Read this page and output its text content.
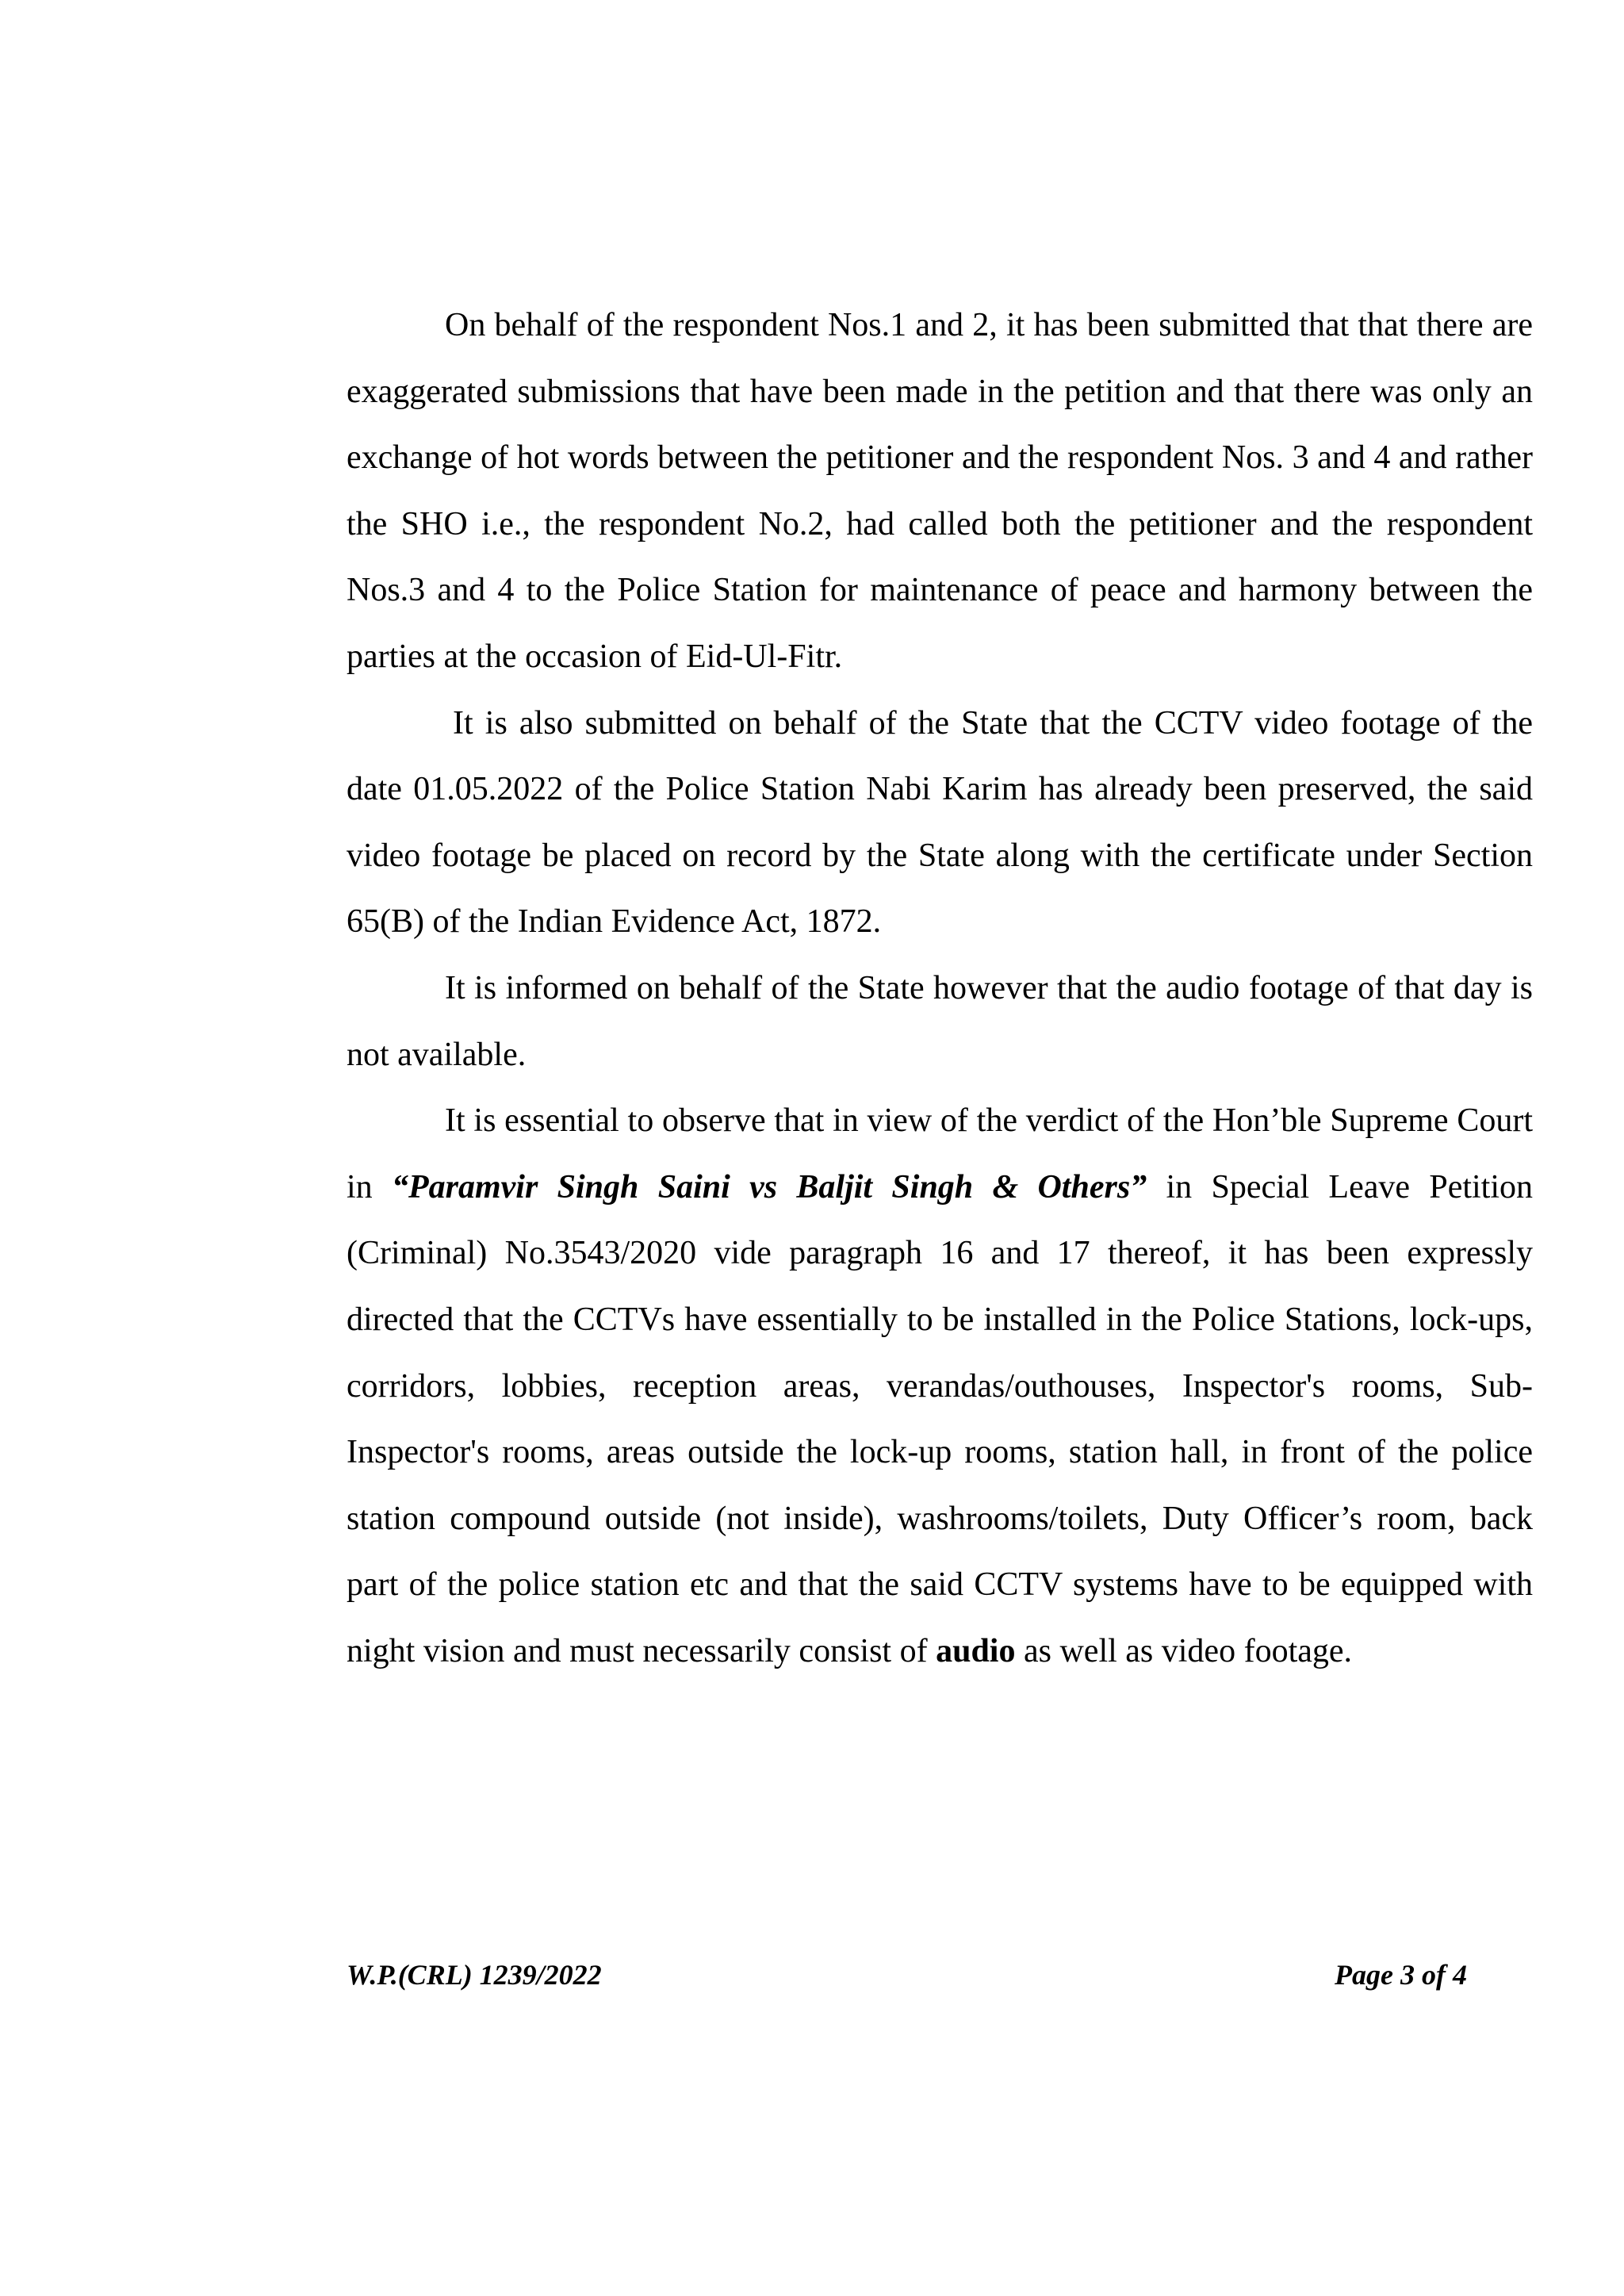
On behalf of the respondent Nos.1 and 2, it has been submitted that that there are exaggerated submissions that have been made in the petition and that there was only an exchange of hot words between the petitioner and the respondent Nos. 3 and 4 and rather the SHO i.e., the respondent No.2, had called both the petitioner and the respondent Nos.3 and 4 to the Police Station for maintenance of peace and harmony between the parties at the occasion of Eid-Ul-Fitr.

It is also submitted on behalf of the State that the CCTV video footage of the date 01.05.2022 of the Police Station Nabi Karim has already been preserved, the said video footage be placed on record by the State along with the certificate under Section 65(B) of the Indian Evidence Act, 1872.

It is informed on behalf of the State however that the audio footage of that day is not available.

It is essential to observe that in view of the verdict of the Hon’ble Supreme Court in “Paramvir Singh Saini vs Baljit Singh & Others” in Special Leave Petition (Criminal) No.3543/2020 vide paragraph 16 and 17 thereof, it has been expressly directed that the CCTVs have essentially to be installed in the Police Stations, lock-ups, corridors, lobbies, reception areas, verandas/outhouses, Inspector's rooms, Sub-Inspector's rooms, areas outside the lock-up rooms, station hall, in front of the police station compound outside (not inside), washrooms/toilets, Duty Officer’s room, back part of the police station etc and that the said CCTV systems have to be equipped with night vision and must necessarily consist of audio as well as video footage.

W.P.(CRL) 1239/2022	Page 3 of 4
